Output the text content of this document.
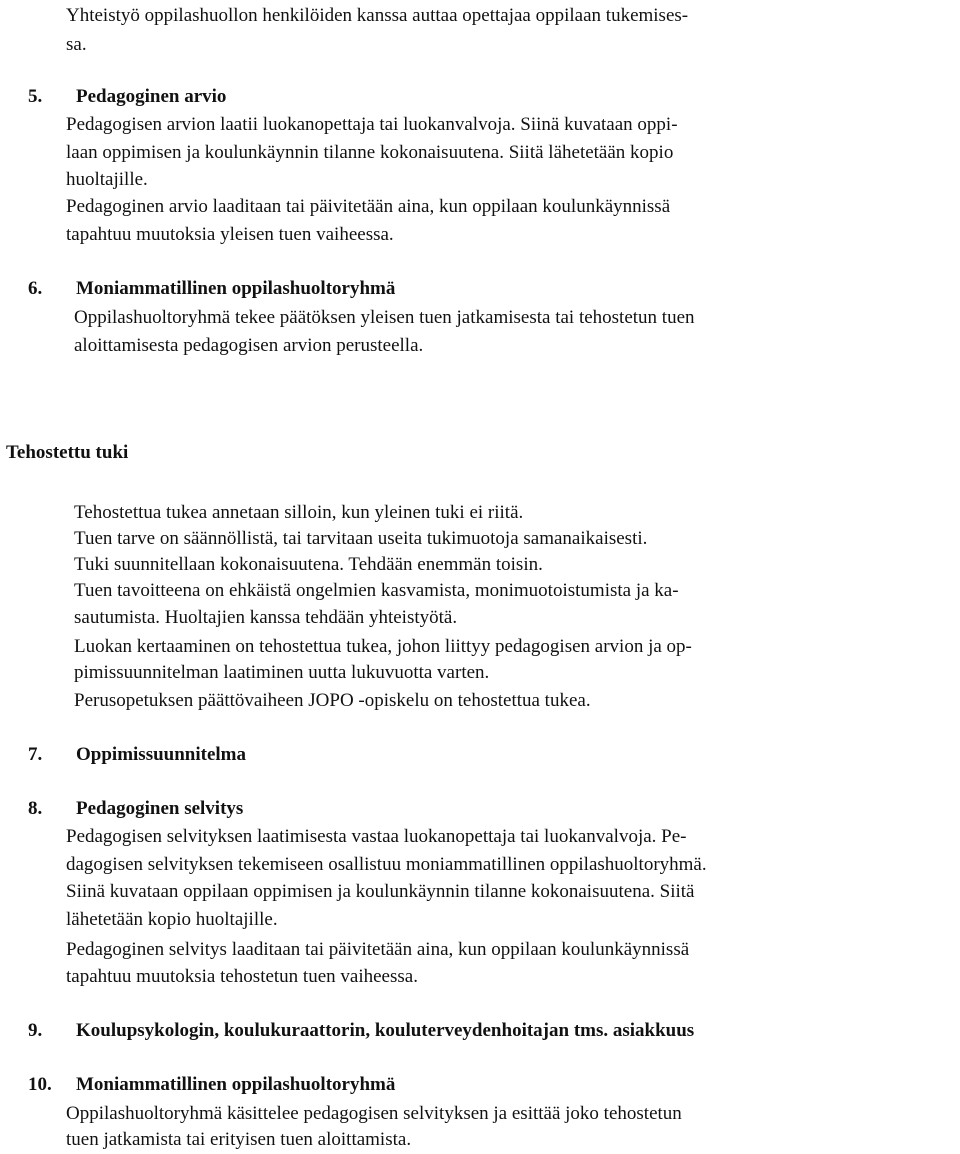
Yhteistyö oppilashuollon henkilöiden kanssa auttaa opettajaa oppilaan tukemises-
sa.
5. Pedagoginen arvio
Pedagogisen arvion laatii luokanopettaja tai luokanvalvoja. Siinä kuvataan oppi-
laan oppimisen ja koulunkäynnin tilanne kokonaisuutena. Siitä lähetetään kopio
huoltajille.
Pedagoginen arvio laaditaan tai päivitetään aina, kun oppilaan koulunkäynnissä
tapahtuu muutoksia yleisen tuen vaiheessa.
6. Moniammatillinen oppilashuoltoryhmä
Oppilashuoltoryhmä tekee päätöksen yleisen tuen jatkamisesta tai tehostetun tuen
aloittamisesta pedagogisen arvion perusteella.
Tehostettu tuki
Tehostettua tukea annetaan silloin, kun yleinen tuki ei riitä.
Tuen tarve on säännöllistä, tai tarvitaan useita tukimuotoja samanaikaisesti.
Tuki suunnitellaan kokonaisuutena. Tehdään enemmän toisin.
Tuen tavoitteena on ehkäistä ongelmien kasvamista, monimuotoistumista ja ka-
sautumista. Huoltajien kanssa tehdään yhteistyötä.
Luokan kertaaminen on tehostettua tukea, johon liittyy pedagogisen arvion ja op-
pimissuunnitelman laatiminen uutta lukuvuotta varten.
Perusopetuksen päättövaiheen JOPO -opiskelu on tehostettua tukea.
7. Oppimissuunnitelma
8. Pedagoginen selvitys
Pedagogisen selvityksen laatimisesta vastaa luokanopettaja tai luokanvalvoja. Pe-
dagogisen selvityksen tekemiseen osallistuu moniammatillinen oppilashuoltoryhmä.
Siinä kuvataan oppilaan oppimisen ja koulunkäynnin tilanne kokonaisuutena. Siitä
lähetetään kopio huoltajille.
Pedagoginen selvitys laaditaan tai päivitetään aina, kun oppilaan koulunkäynnissä
tapahtuu muutoksia tehostetun tuen vaiheessa.
9. Koulupsykologin, koulukuraattorin, kouluterveydenhoitajan tms. asiakkuus
10. Moniammatillinen oppilashuoltoryhmä
Oppilashuoltoryhmä käsittelee pedagogisen selvityksen ja esittää joko tehostetun
tuen jatkamista tai erityisen tuen aloittamista.
